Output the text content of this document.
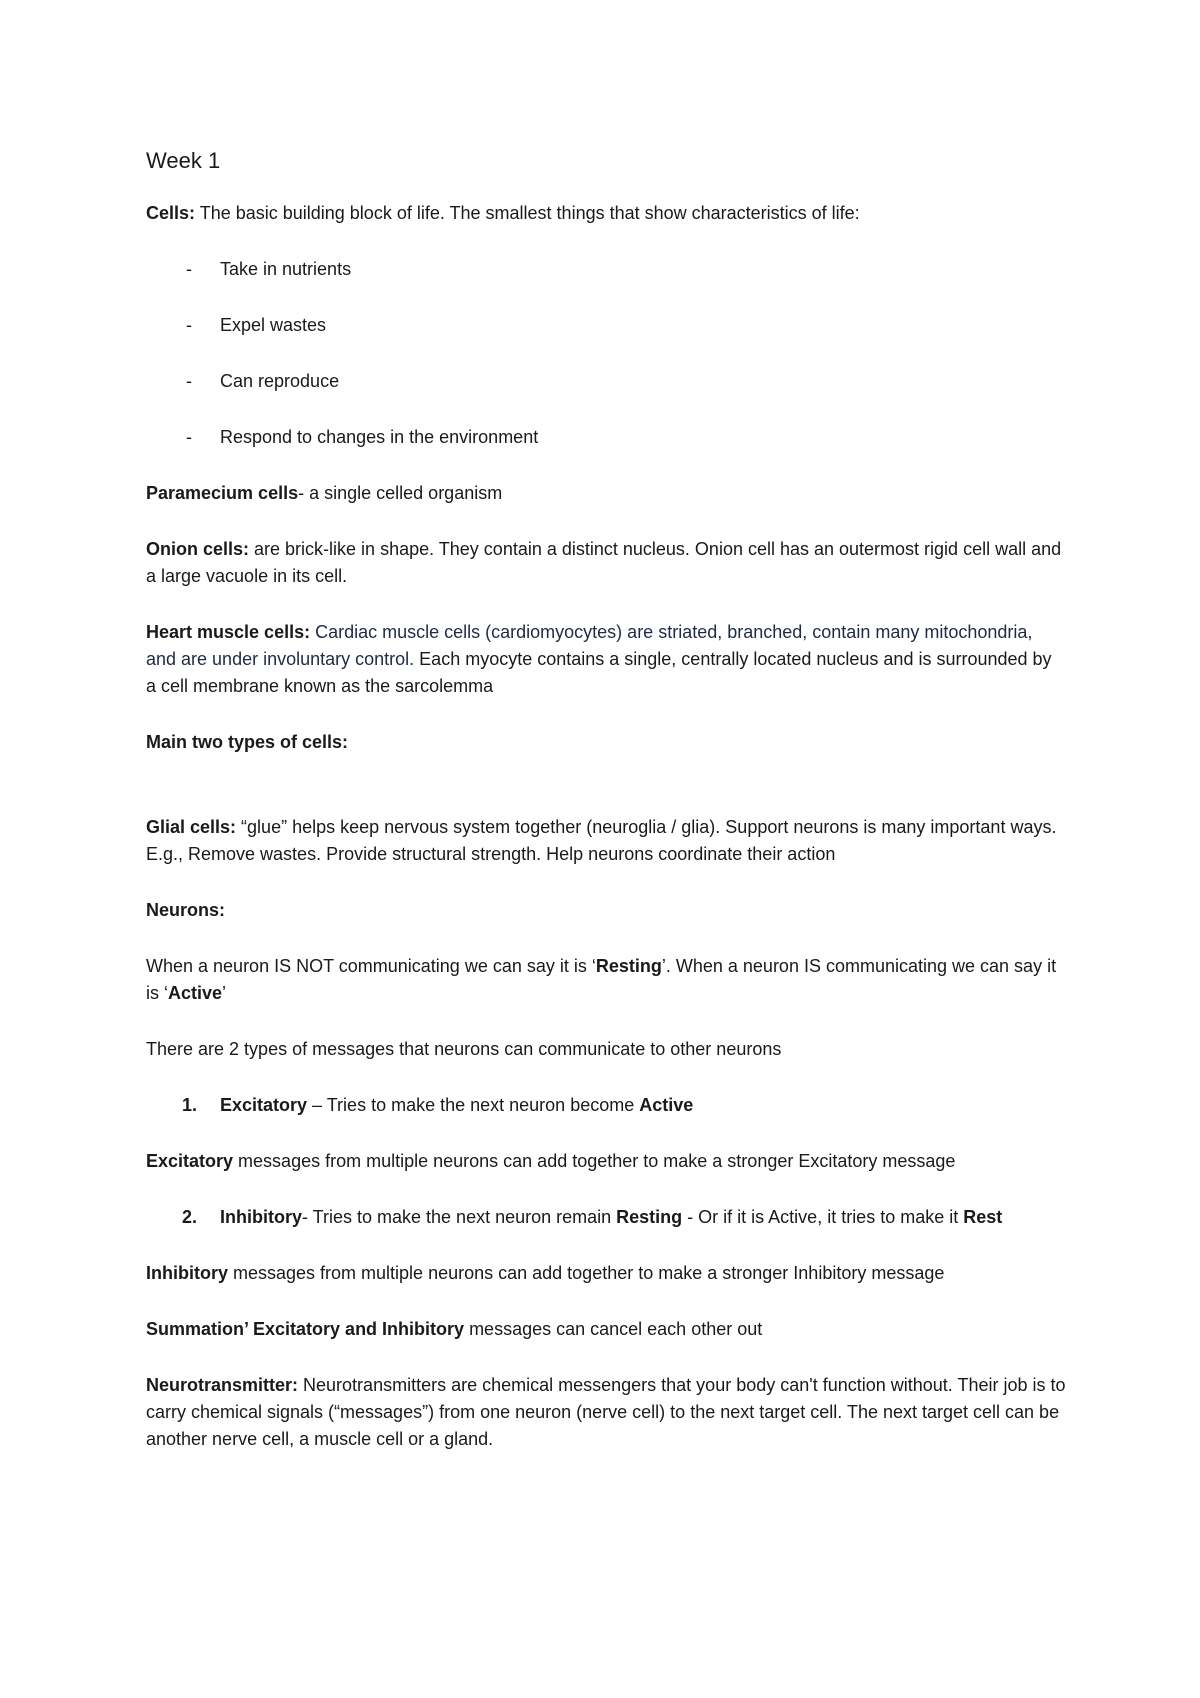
Week 1

Cells: The basic building block of life. The smallest things that show characteristics of life:

- Take in nutrients
- Expel wastes
- Can reproduce
- Respond to changes in the environment

Paramecium cells- a single celled organism

Onion cells: are brick-like in shape. They contain a distinct nucleus. Onion cell has an outermost rigid cell wall and a large vacuole in its cell.

Heart muscle cells: Cardiac muscle cells (cardiomyocytes) are striated, branched, contain many mitochondria, and are under involuntary control. Each myocyte contains a single, centrally located nucleus and is surrounded by a cell membrane known as the sarcolemma

Main two types of cells:

Glial cells: “glue” helps keep nervous system together (neuroglia / glia). Support neurons is many important ways. E.g., Remove wastes. Provide structural strength. Help neurons coordinate their action

Neurons:

When a neuron IS NOT communicating we can say it is ‘Resting’. When a neuron IS communicating we can say it is ‘Active’

There are 2 types of messages that neurons can communicate to other neurons

1. Excitatory – Tries to make the next neuron become Active

Excitatory messages from multiple neurons can add together to make a stronger Excitatory message

2. Inhibitory- Tries to make the next neuron remain Resting - Or if it is Active, it tries to make it Rest

Inhibitory messages from multiple neurons can add together to make a stronger Inhibitory message

Summation’ Excitatory and Inhibitory messages can cancel each other out

Neurotransmitter: Neurotransmitters are chemical messengers that your body can't function without. Their job is to carry chemical signals (“messages”) from one neuron (nerve cell) to the next target cell. The next target cell can be another nerve cell, a muscle cell or a gland.
